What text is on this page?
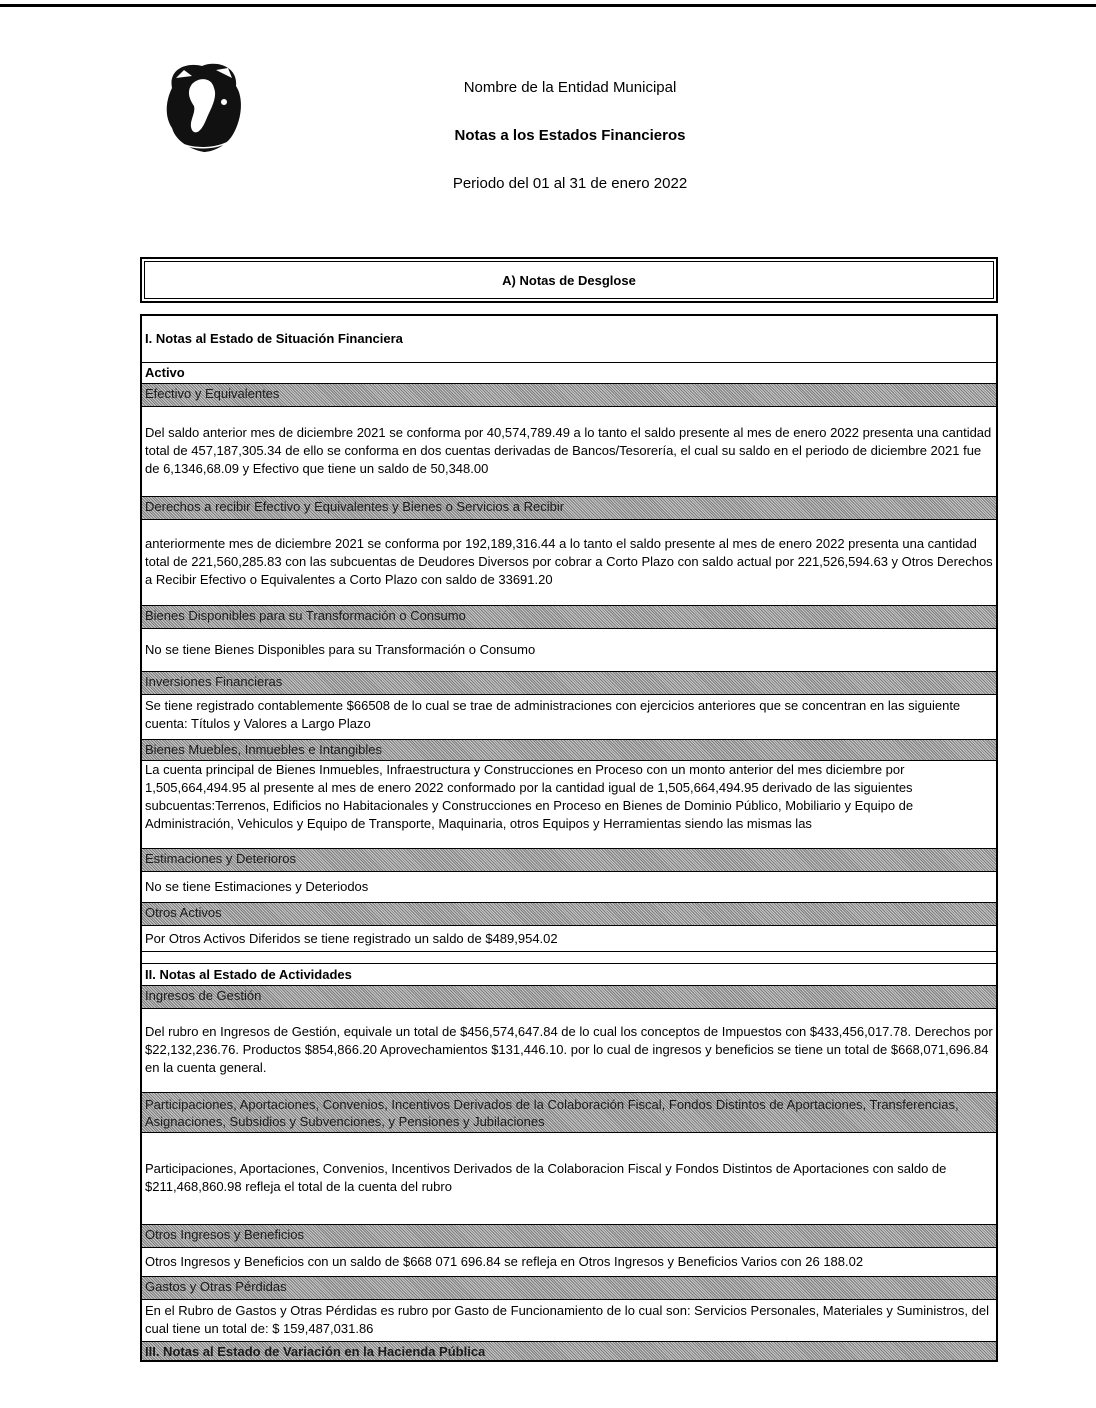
Nombre de la Entidad Municipal
Notas a los Estados Financieros
Periodo del 01 al 31 de enero 2022
A) Notas de Desglose
I. Notas al Estado de Situación Financiera
Activo
Efectivo y Equivalentes
Del saldo anterior mes de diciembre 2021 se conforma por 40,574,789.49 a lo tanto el saldo presente al mes de enero 2022 presenta una cantidad total de 457,187,305.34 de ello se conforma en dos cuentas derivadas de Bancos/Tesorería, el cual su saldo en el periodo de diciembre 2021 fue de 6,1346,68.09 y Efectivo que tiene un saldo de 50,348.00
Derechos a recibir Efectivo y Equivalentes y Bienes o Servicios a Recibir
anteriormente mes de diciembre 2021 se conforma por 192,189,316.44 a lo tanto el saldo presente al mes de enero 2022 presenta una cantidad total de 221,560,285.83 con las subcuentas de Deudores Diversos por cobrar a Corto Plazo con saldo actual por 221,526,594.63 y Otros Derechos a Recibir Efectivo o Equivalentes a Corto Plazo con saldo de 33691.20
Bienes Disponibles para su Transformación o Consumo
No se tiene Bienes Disponibles para su Transformación o Consumo
Inversiones Financieras
Se tiene registrado contablemente $66508 de lo cual se trae de administraciones con ejercicios anteriores que se concentran en las siguiente cuenta: Títulos y Valores a Largo Plazo
Bienes Muebles, Inmuebles e Intangibles
La cuenta principal de Bienes Inmuebles, Infraestructura y Construcciones en Proceso con un monto anterior del mes diciembre por 1,505,664,494.95 al presente al mes de enero 2022 conformado por la cantidad igual de 1,505,664,494.95 derivado de las siguientes subcuentas:Terrenos, Edificios no Habitacionales y Construcciones en Proceso en Bienes de Dominio Público, Mobiliario y Equipo de Administración, Vehiculos y Equipo de Transporte, Maquinaria, otros Equipos y Herramientas siendo las mismas las
Estimaciones y Deterioros
No se tiene Estimaciones y Deteriodos
Otros Activos
Por Otros Activos Diferidos se tiene registrado un saldo de $489,954.02
II. Notas al Estado de Actividades
Ingresos de Gestión
Del rubro en Ingresos de Gestión, equivale un total de $456,574,647.84 de lo cual los conceptos de Impuestos con $433,456,017.78. Derechos por $22,132,236.76. Productos $854,866.20 Aprovechamientos $131,446.10. por lo cual de ingresos y beneficios se tiene un total de $668,071,696.84 en la cuenta general.
Participaciones, Aportaciones, Convenios, Incentivos Derivados de la Colaboración Fiscal, Fondos Distintos de Aportaciones, Transferencias, Asignaciones, Subsidios y Subvenciones, y Pensiones y Jubilaciones
Participaciones, Aportaciones, Convenios, Incentivos Derivados de la Colaboracion Fiscal y Fondos Distintos de Aportaciones con saldo de $211,468,860.98 refleja el total de la cuenta del rubro
Otros Ingresos y Beneficios
Otros Ingresos y Beneficios con un saldo de $668 071 696.84 se refleja en Otros Ingresos y Beneficios Varios con 26 188.02
Gastos y Otras Pérdidas
En el Rubro de Gastos y Otras Pérdidas es rubro por Gasto de Funcionamiento de lo cual son: Servicios Personales, Materiales y Suministros, del cual tiene un total de: $ 159,487,031.86
III. Notas al Estado de Variación en la Hacienda Pública
